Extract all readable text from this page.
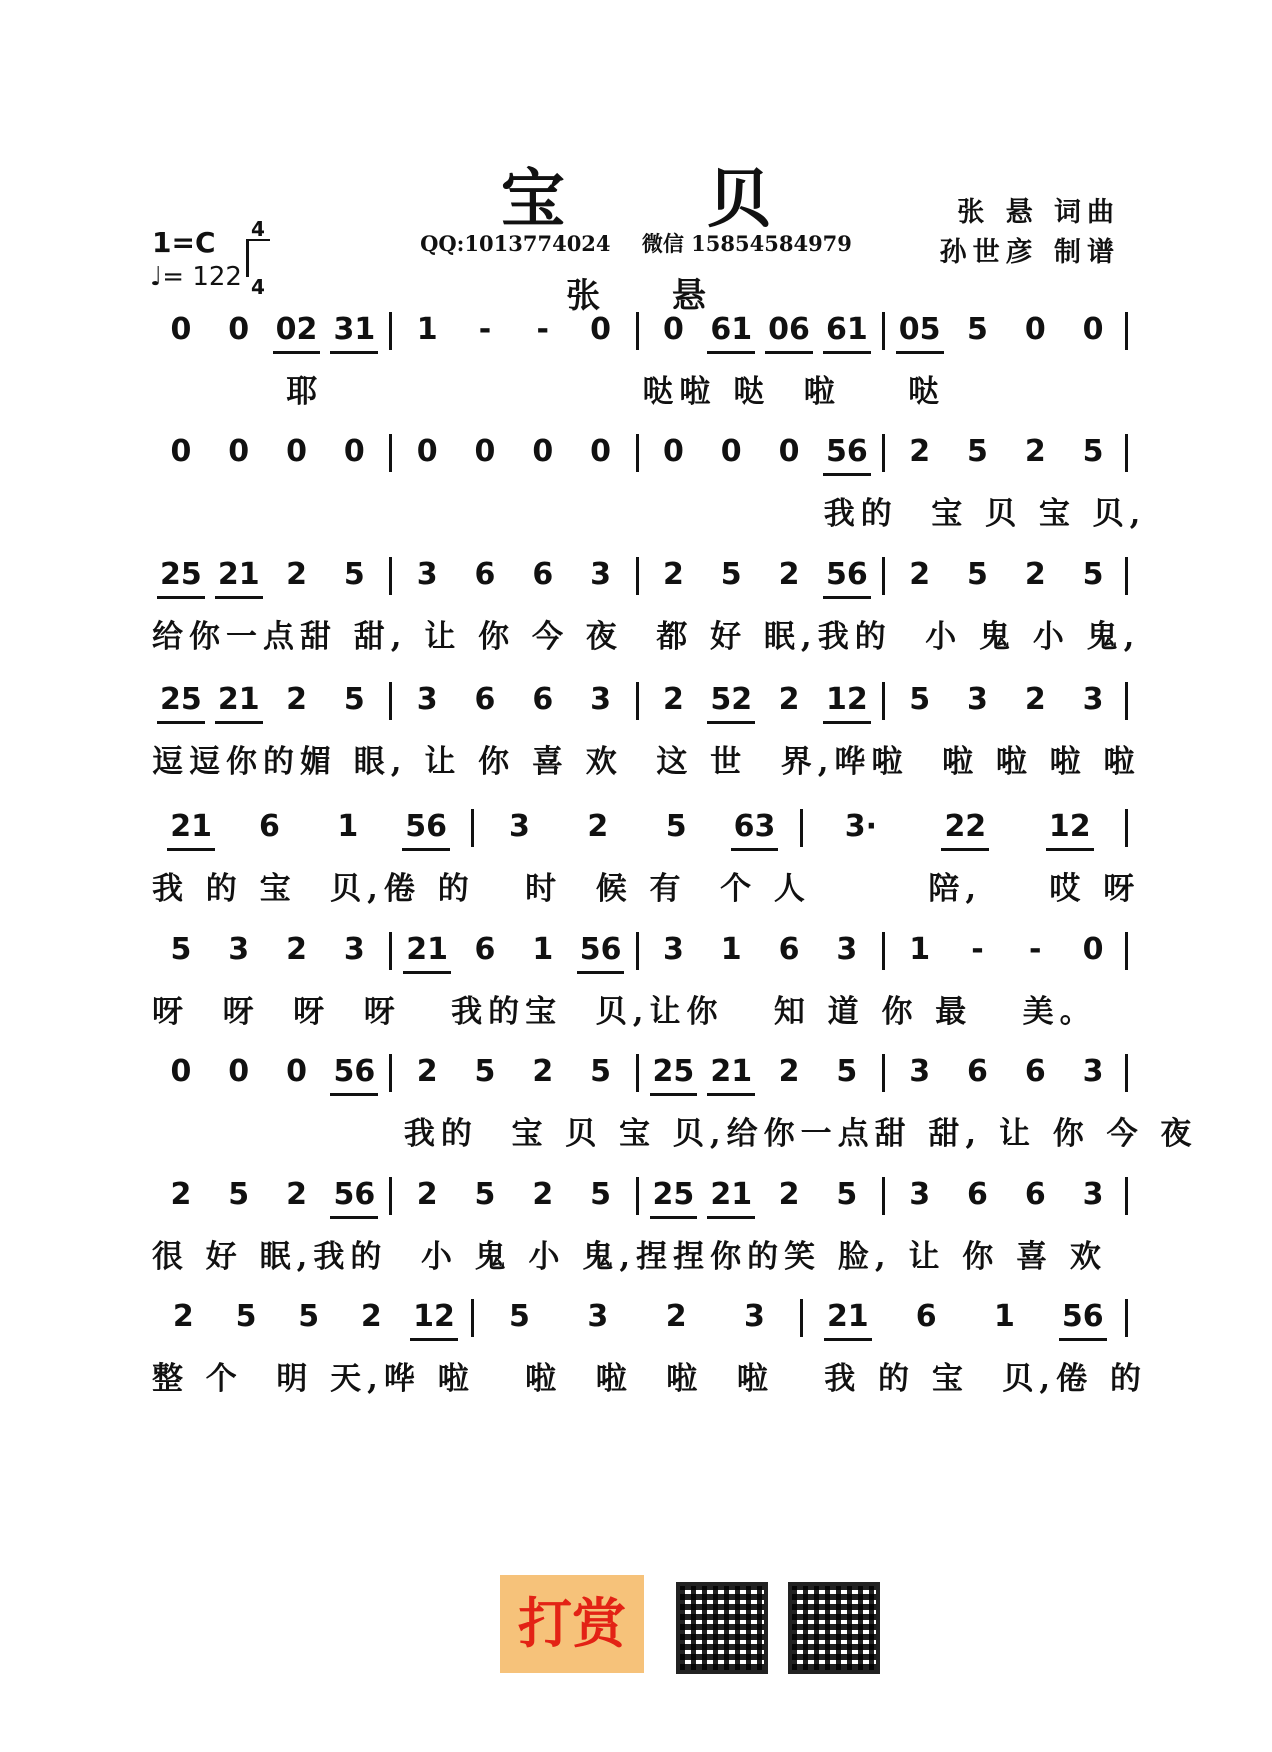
宝 贝	张 悬 词曲
孙世彦 制谱
QQ:1013774024 微信 15854584979
张 悬
1=C 4
4
♩= 122
0 0 02 31 1 - - 0 0 61 06 61 05 5 0 0
耶                   哒啦 哒  啦    哒
0 0 0 0 0 0 0 0 0 0 0 56 2 5 2 5
我的  宝 贝 宝 贝,
25 21 2 5 3 6 6 3 2 5 2 56 2 5 2 5
给你一点甜 甜, 让 你 今 夜  都 好 眠,我的  小 鬼 小 鬼,
25 21 2 5 3 6 6 3 2 52 2 12 5 3 2 3
逗逗你的媚 眼, 让 你 喜 欢  这 世  界,哗啦  啦 啦 啦 啦
21 6 1 56 3 2 5 63 3· 22 12
我 的 宝  贝,倦 的   时  候 有  个 人       陪,    哎 呀
5 3 2 3 21 6 1 56 3 1 6 3 1 - - 0
呀  呀  呀  呀   我的宝  贝,让你   知 道 你 最   美。
0 0 0 56 2 5 2 5 25 21 2 5 3 6 6 3
我的  宝 贝 宝 贝,给你一点甜 甜, 让 你 今 夜
2 5 2 56 2 5 2 5 25 21 2 5 3 6 6 3
很 好 眠,我的  小 鬼 小 鬼,捏捏你的笑 脸, 让 你 喜 欢
2 5 5 2 12 5 3 2 3 21 6 1 56
整 个  明 天,哗 啦   啦  啦  啦  啦   我 的 宝  贝,倦 的
打赏
